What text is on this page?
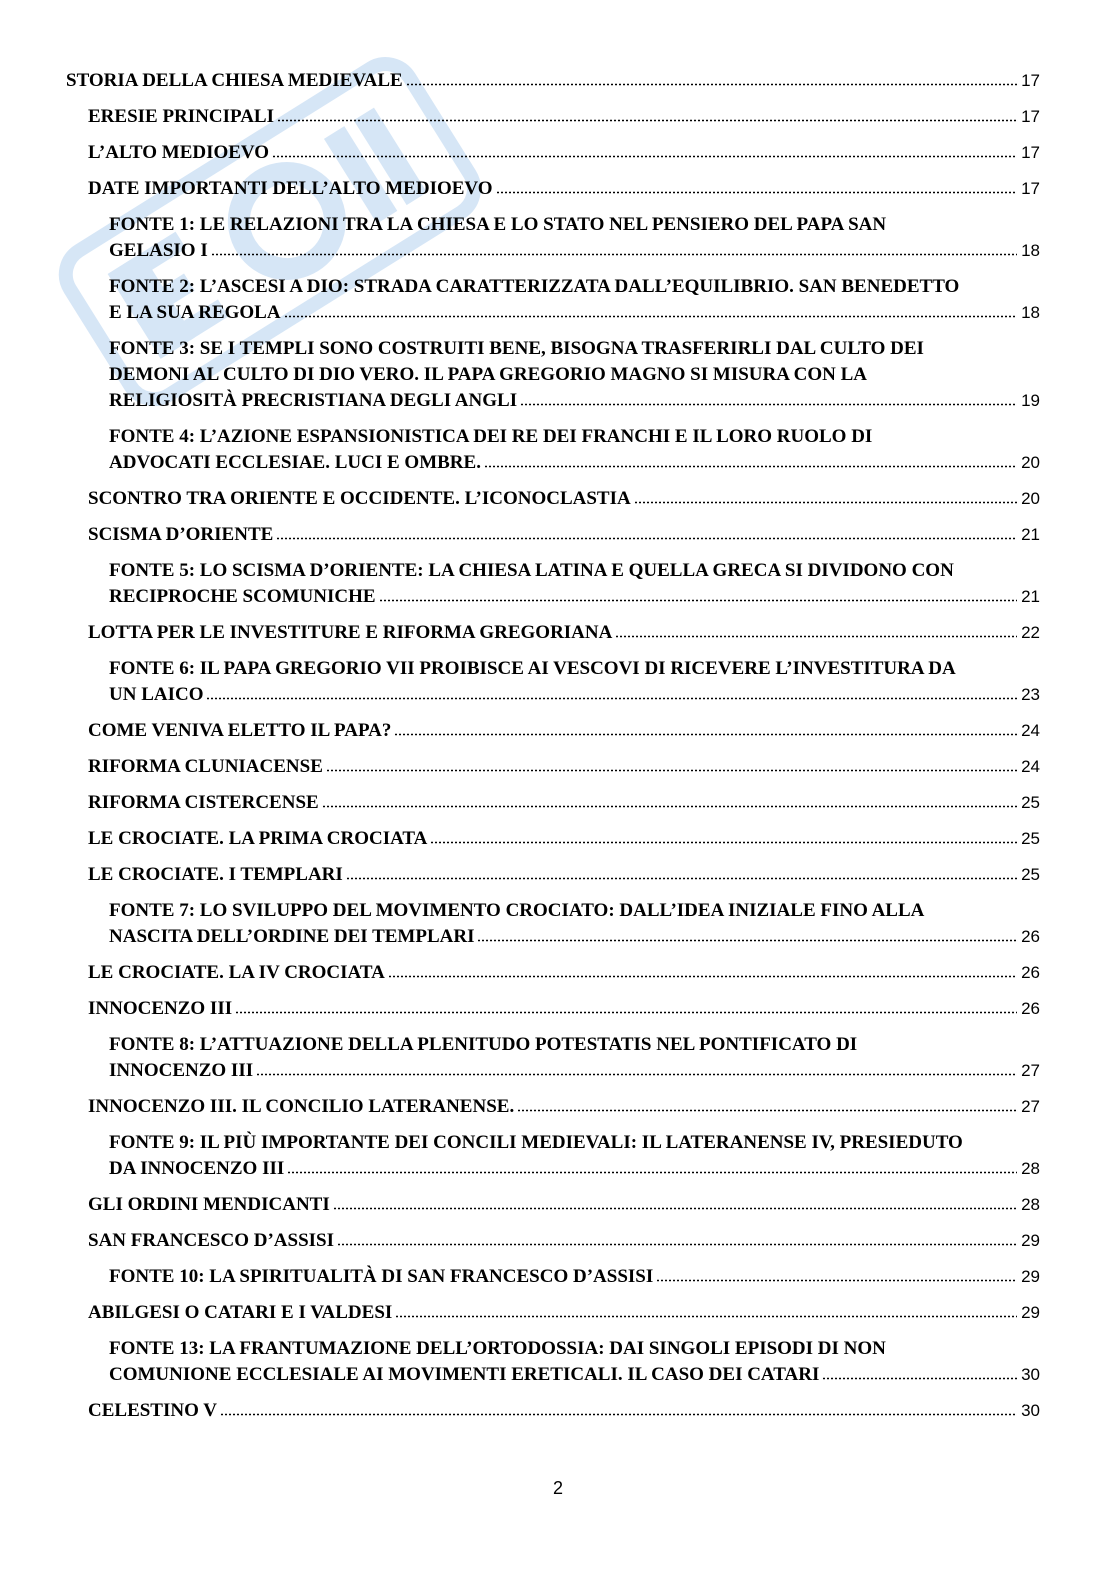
STORIA DELLA CHIESA MEDIEVALE	17
ERESIE PRINCIPALI	17
L’ALTO MEDIOEVO	17
DATE IMPORTANTI DELL’ALTO MEDIOEVO	17
FONTE 1: LE RELAZIONI TRA LA CHIESA E LO STATO NEL PENSIERO DEL PAPA SAN
GELASIO I	18
FONTE 2: L’ASCESI A DIO: STRADA CARATTERIZZATA DALL’EQUILIBRIO. SAN BENEDETTO
E LA SUA REGOLA	18
FONTE 3: SE I TEMPLI SONO COSTRUITI BENE, BISOGNA TRASFERIRLI DAL CULTO DEI
DEMONI AL CULTO DI DIO VERO. IL PAPA GREGORIO MAGNO SI MISURA CON LA
RELIGIOSITÀ PRECRISTIANA DEGLI ANGLI	19
FONTE 4: L’AZIONE ESPANSIONISTICA DEI RE DEI FRANCHI E IL LORO RUOLO DI
ADVOCATI ECCLESIAE. LUCI E OMBRE.	20
SCONTRO TRA ORIENTE E OCCIDENTE. L’ICONOCLASTIA	20
SCISMA D’ORIENTE	21
FONTE 5: LO SCISMA D’ORIENTE: LA CHIESA LATINA E QUELLA GRECA SI DIVIDONO CON
RECIPROCHE SCOMUNICHE	21
LOTTA PER LE INVESTITURE E RIFORMA GREGORIANA	22
FONTE 6: IL PAPA GREGORIO VII PROIBISCE AI VESCOVI DI RICEVERE L’INVESTITURA DA
UN LAICO	23
COME VENIVA ELETTO IL PAPA?	24
RIFORMA CLUNIACENSE	24
RIFORMA CISTERCENSE	25
LE CROCIATE. LA PRIMA CROCIATA	25
LE CROCIATE. I TEMPLARI	25
FONTE 7: LO SVILUPPO DEL MOVIMENTO CROCIATO: DALL’IDEA INIZIALE FINO ALLA
NASCITA DELL’ORDINE DEI TEMPLARI	26
LE CROCIATE. LA IV CROCIATA	26
INNOCENZO III	26
FONTE 8: L’ATTUAZIONE DELLA PLENITUDO POTESTATIS NEL PONTIFICATO DI
INNOCENZO III	27
INNOCENZO III. IL CONCILIO LATERANENSE.	27
FONTE 9: IL PIÙ IMPORTANTE DEI CONCILI MEDIEVALI: IL LATERANENSE IV, PRESIEDUTO
DA INNOCENZO III	28
GLI ORDINI MENDICANTI	28
SAN FRANCESCO D’ASSISI	29
FONTE 10: LA SPIRITUALITÀ DI SAN FRANCESCO D’ASSISI	29
ABILGESI O CATARI E I VALDESI	29
FONTE 13: LA FRANTUMAZIONE DELL’ORTODOSSIA: DAI SINGOLI EPISODI DI NON
COMUNIONE ECCLESIALE AI MOVIMENTI ERETICALI. IL CASO DEI CATARI	30
CELESTINO V	30
2
